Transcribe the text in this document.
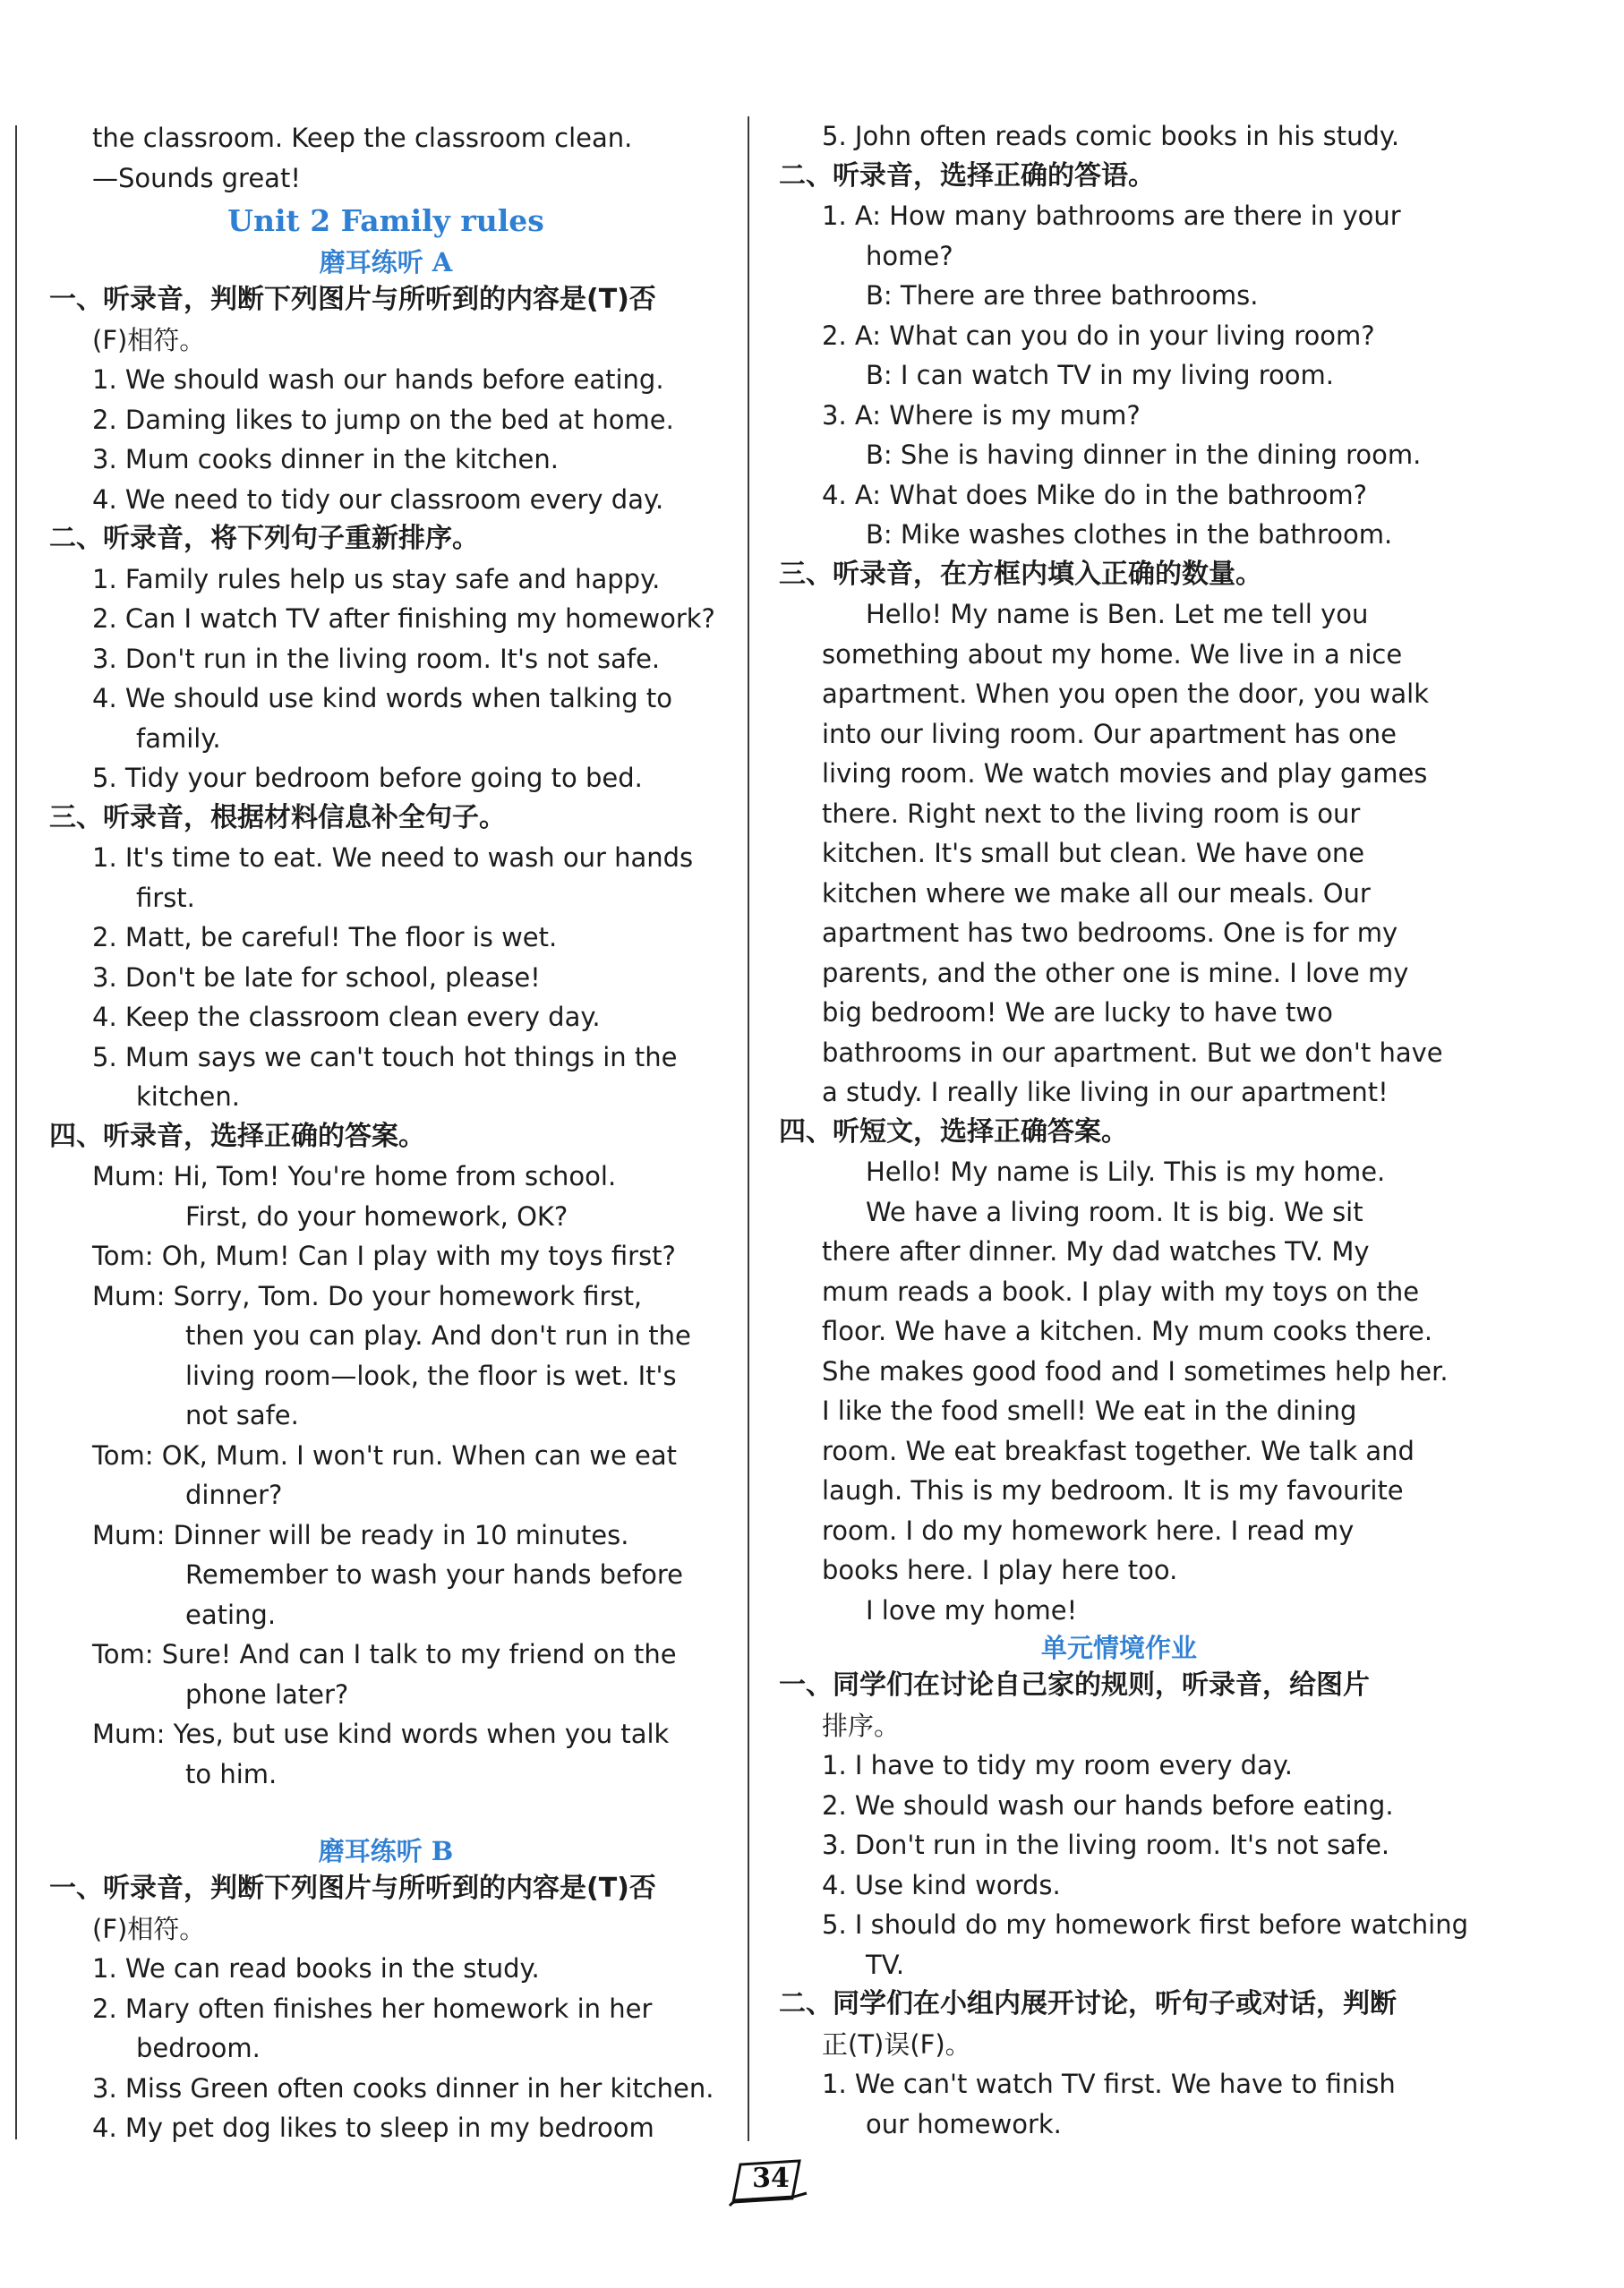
the classroom. Keep the classroom clean.
—Sounds great!
Unit 2 Family rules
磨耳练听 A
一、听录音，判断下列图片与所听到的内容是(T)否
(F)相符。
1. We should wash our hands before eating.
2. Daming likes to jump on the bed at home.
3. Mum cooks dinner in the kitchen.
4. We need to tidy our classroom every day.
二、听录音，将下列句子重新排序。
1. Family rules help us stay safe and happy.
2. Can I watch TV after finishing my homework?
3. Don't run in the living room. It's not safe.
4. We should use kind words when talking to
family.
5. Tidy your bedroom before going to bed.
三、听录音，根据材料信息补全句子。
1. It's time to eat. We need to wash our hands
first.
2. Matt, be careful! The floor is wet.
3. Don't be late for school, please!
4. Keep the classroom clean every day.
5. Mum says we can't touch hot things in the
kitchen.
四、听录音，选择正确的答案。
Mum: Hi, Tom! You're home from school.
First, do your homework, OK?
Tom: Oh, Mum! Can I play with my toys first?
Mum: Sorry, Tom. Do your homework first,
then you can play. And don't run in the
living room—look, the floor is wet. It's
not safe.
Tom: OK, Mum. I won't run. When can we eat
dinner?
Mum: Dinner will be ready in 10 minutes.
Remember to wash your hands before
eating.
Tom: Sure! And can I talk to my friend on the
phone later?
Mum: Yes, but use kind words when you talk
to him.
磨耳练听 B
一、听录音，判断下列图片与所听到的内容是(T)否
(F)相符。
1. We can read books in the study.
2. Mary often finishes her homework in her
bedroom.
3. Miss Green often cooks dinner in her kitchen.
4. My pet dog likes to sleep in my bedroom
5. John often reads comic books in his study.
二、听录音，选择正确的答语。
1. A: How many bathrooms are there in your
home?
B: There are three bathrooms.
2. A: What can you do in your living room?
B: I can watch TV in my living room.
3. A: Where is my mum?
B: She is having dinner in the dining room.
4. A: What does Mike do in the bathroom?
B: Mike washes clothes in the bathroom.
三、听录音，在方框内填入正确的数量。
Hello! My name is Ben. Let me tell you
something about my home. We live in a nice
apartment. When you open the door, you walk
into our living room. Our apartment has one
living room. We watch movies and play games
there. Right next to the living room is our
kitchen. It's small but clean. We have one
kitchen where we make all our meals. Our
apartment has two bedrooms. One is for my
parents, and the other one is mine. I love my
big bedroom! We are lucky to have two
bathrooms in our apartment. But we don't have
a study. I really like living in our apartment!
四、听短文，选择正确答案。
Hello! My name is Lily. This is my home.
We have a living room. It is big. We sit
there after dinner. My dad watches TV. My
mum reads a book. I play with my toys on the
floor. We have a kitchen. My mum cooks there.
She makes good food and I sometimes help her.
I like the food smell! We eat in the dining
room. We eat breakfast together. We talk and
laugh. This is my bedroom. It is my favourite
room. I do my homework here. I read my
books here. I play here too.
I love my home!
单元情境作业
一、同学们在讨论自己家的规则，听录音，给图片
排序。
1. I have to tidy my room every day.
2. We should wash our hands before eating.
3. Don't run in the living room. It's not safe.
4. Use kind words.
5. I should do my homework first before watching
TV.
二、同学们在小组内展开讨论，听句子或对话，判断
正(T)误(F)。
1. We can't watch TV first. We have to finish
our homework.
34
